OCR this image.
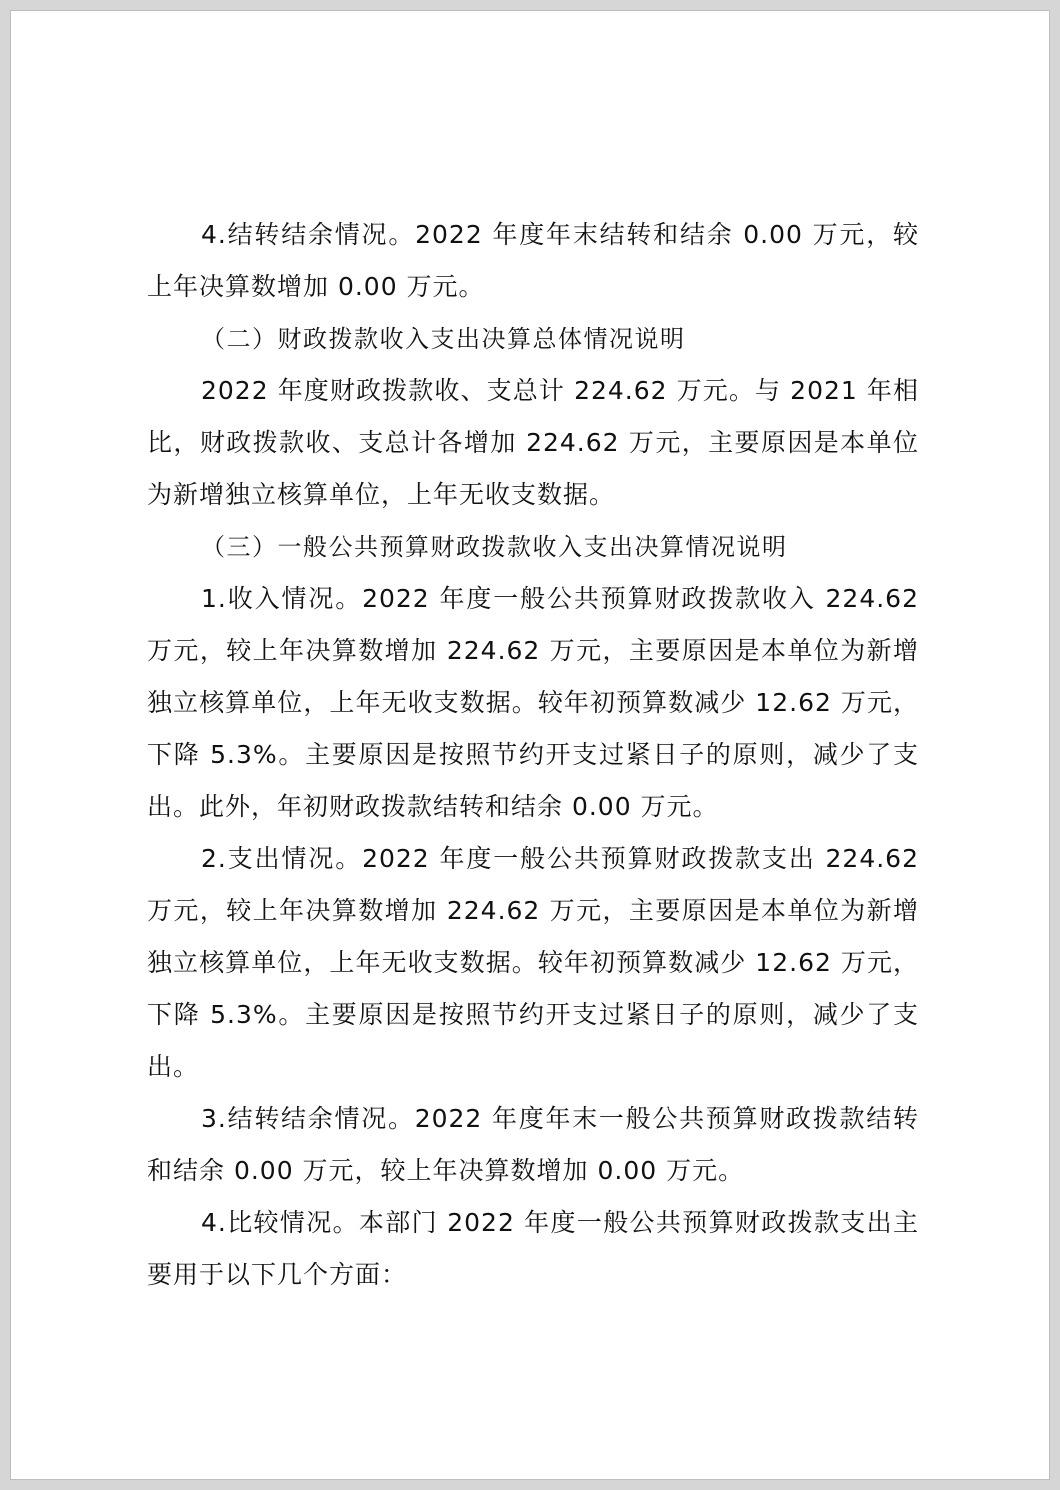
4.结转结余情况。2022 年度年末结转和结余 0.00 万元，较上年决算数增加 0.00 万元。

（二）财政拨款收入支出决算总体情况说明

2022 年度财政拨款收、支总计 224.62 万元。与 2021 年相比，财政拨款收、支总计各增加 224.62 万元，主要原因是本单位为新增独立核算单位，上年无收支数据。

（三）一般公共预算财政拨款收入支出决算情况说明

1.收入情况。2022 年度一般公共预算财政拨款收入 224.62 万元，较上年决算数增加 224.62 万元，主要原因是本单位为新增独立核算单位，上年无收支数据。较年初预算数减少 12.62 万元，下降 5.3%。主要原因是按照节约开支过紧日子的原则，减少了支出。此外，年初财政拨款结转和结余 0.00 万元。

2.支出情况。2022 年度一般公共预算财政拨款支出 224.62 万元，较上年决算数增加 224.62 万元，主要原因是本单位为新增独立核算单位，上年无收支数据。较年初预算数减少 12.62 万元，下降 5.3%。主要原因是按照节约开支过紧日子的原则，减少了支出。

3.结转结余情况。2022 年度年末一般公共预算财政拨款结转和结余 0.00 万元，较上年决算数增加 0.00 万元。

4.比较情况。本部门 2022 年度一般公共预算财政拨款支出主要用于以下几个方面：
